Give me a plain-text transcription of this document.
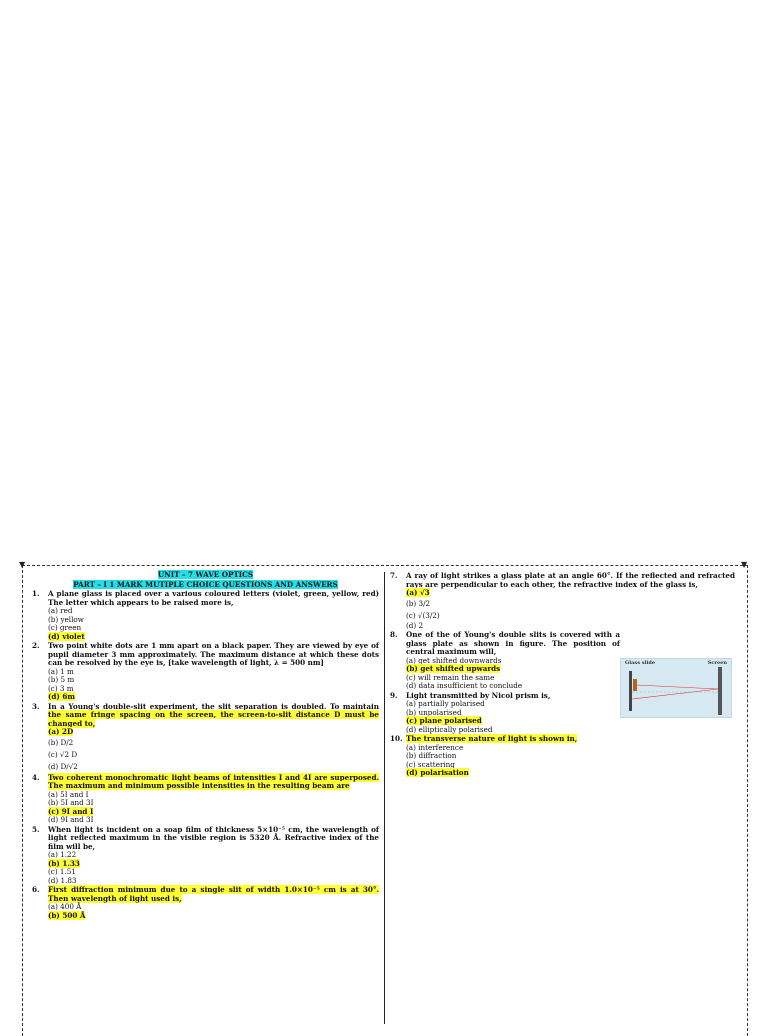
▼	▼
UNIT – 7 WAVE OPTICS
PART – I 1 MARK MUTIPLE CHOICE QUESTIONS AND ANSWERS
1.	A plane glass is placed over a various coloured letters (violet, green, yellow, red) The letter which appears to be raised more is,
(a) red
(b) yellow
(c) green
(d) violet
2.	Two point white dots are 1 mm apart on a black paper. They are viewed by eye of pupil diameter 3 mm approximately. The maximum distance at which these dots can be resolved by the eye is, [take wavelength of light, λ = 500 nm]
(a) 1 m
(b) 5 m
(c) 3 m
(d) 6m
3.	In a Young's double-slit experiment, the slit separation is doubled. To maintain the same fringe spacing on the screen, the screen-to-slit distance D must be changed to,
(a) 2D
(b) D/2
(c) √2 D
(d) D/√2
4.	Two coherent monochromatic light beams of intensities I and 4I are superposed. The maximum and minimum possible intensities in the resulting beam are
(a) 5I and I
(b) 5I and 3I
(c) 9I and I
(d) 9I and 3I
5.	When light is incident on a soap film of thickness 5×10⁻⁵ cm, the wavelength of light reflected maximum in the visible region is 5320 Å. Refractive index of the film will be,
(a) 1.22
(b) 1.33
(c) 1.51
(d) 1.83
6.	First diffraction minimum due to a single slit of width 1.0×10⁻⁵ cm is at 30°. Then wavelength of light used is,
(a) 400 Å
(b) 500 Å
7.	A ray of light strikes a glass plate at an angle 60°. If the reflected and refracted rays are perpendicular to each other, the refractive index of the glass is,
(a) √3
(b) 3/2
(c) √(3/2)
(d) 2
8.	One of the of Young's double slits is covered with a glass plate as shown in figure. The position of central maximum will,
(a) get shifted downwards
(b) get shifted upwards
(c) will remain the same
(d) data insufficient to conclude
9.	Light transmitted by Nicol prism is,
(a) partially polarised
(b) unpolarised
(c) plane polarised
(d) elliptically polarised
10. The transverse nature of light is shown in,
(a) interference
(b) diffraction
(c) scattering
(d) polarisation
Glass slide	Screen
